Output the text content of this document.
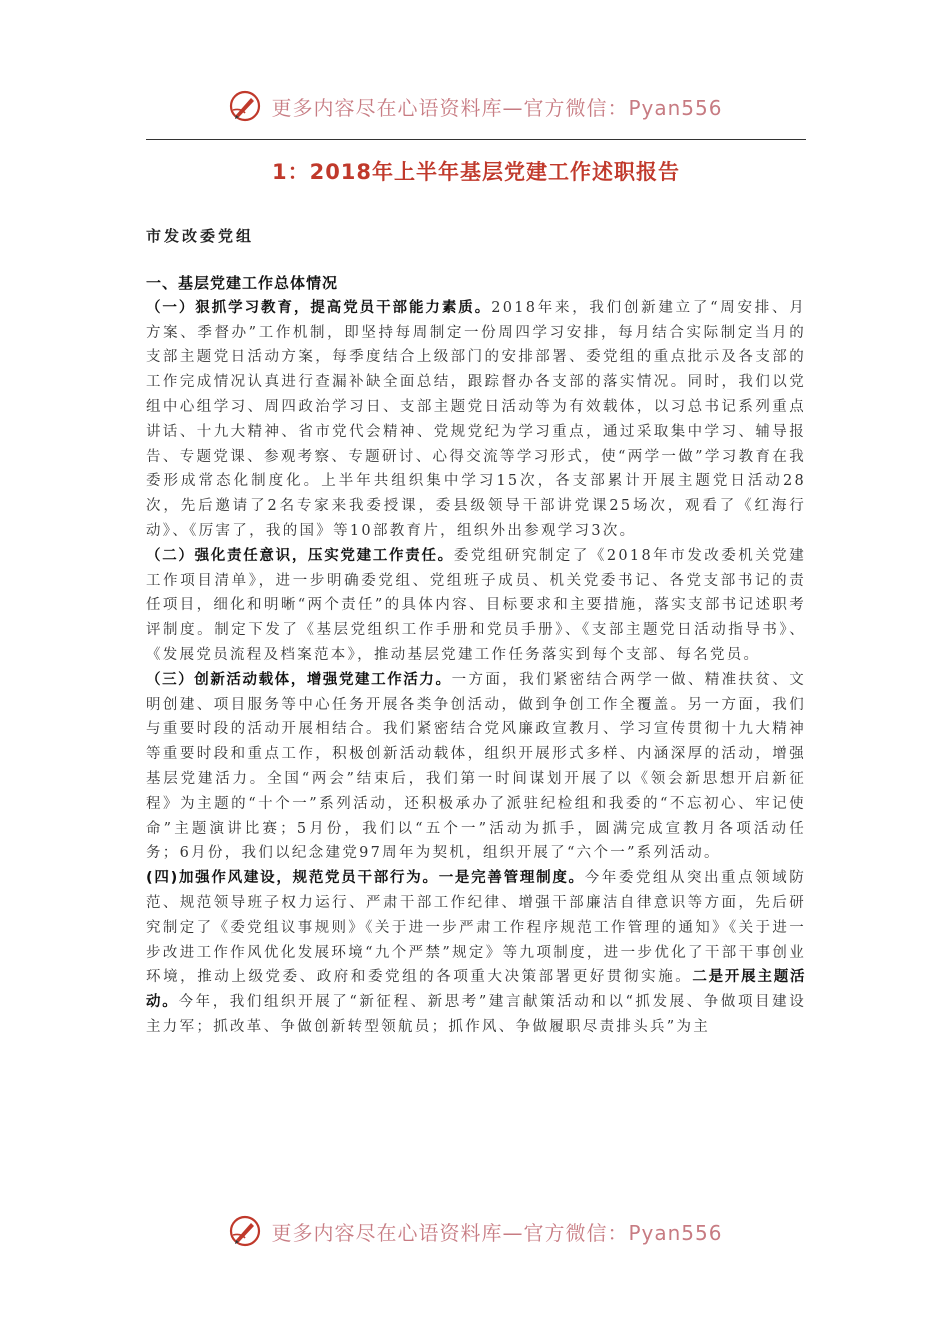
更多内容尽在心语资料库—官方微信：Pyan556
1：2018年上半年基层党建工作述职报告
市发改委党组

一、基层党建工作总体情况

（一）狠抓学习教育，提高党员干部能力素质。2018年来，我们创新建立了“周安排、月方案、季督办”工作机制，即坚持每周制定一份周四学习安排，每月结合实际制定当月的支部主题党日活动方案，每季度结合上级部门的安排部署、委党组的重点批示及各支部的工作完成情况认真进行查漏补缺全面总结，跟踪督办各支部的落实情况。同时，我们以党组中心组学习、周四政治学习日、支部主题党日活动等为有效载体，以习总书记系列重点讲话、十九大精神、省市党代会精神、党规党纪为学习重点，通过采取集中学习、辅导报告、专题党课、参观考察、专题研讨、心得交流等学习形式，使“两学一做”学习教育在我委形成常态化制度化。上半年共组织集中学习15次，各支部累计开展主题党日活动28次，先后邀请了2名专家来我委授课，委县级领导干部讲党课25场次，观看了《红海行动》、《厉害了，我的国》等10部教育片，组织外出参观学习3次。

（二）强化责任意识，压实党建工作责任。委党组研究制定了《2018年市发改委机关党建工作项目清单》，进一步明确委党组、党组班子成员、机关党委书记、各党支部书记的责任项目，细化和明晰“两个责任”的具体内容、目标要求和主要措施，落实支部书记述职考评制度。制定下发了《基层党组织工作手册和党员手册》、《支部主题党日活动指导书》、《发展党员流程及档案范本》，推动基层党建工作任务落实到每个支部、每名党员。

（三）创新活动载体，增强党建工作活力。一方面，我们紧密结合两学一做、精准扶贫、文明创建、项目服务等中心任务开展各类争创活动，做到争创工作全覆盖。另一方面，我们与重要时段的活动开展相结合。我们紧密结合党风廉政宣教月、学习宣传贯彻十九大精神等重要时段和重点工作，积极创新活动载体，组织开展形式多样、内涵深厚的活动，增强基层党建活力。全国“两会”结束后，我们第一时间谋划开展了以《领会新思想开启新征程》为主题的“十个一”系列活动，还积极承办了派驻纪检组和我委的“不忘初心、牢记使命”主题演讲比赛；5月份，我们以“五个一”活动为抓手，圆满完成宣教月各项活动任务；6月份，我们以纪念建党97周年为契机，组织开展了“六个一”系列活动。

(四)加强作风建设，规范党员干部行为。一是完善管理制度。今年委党组从突出重点领域防范、规范领导班子权力运行、严肃干部工作纪律、增强干部廉洁自律意识等方面，先后研究制定了《委党组议事规则》《关于进一步严肃工作程序规范工作管理的通知》《关于进一步改进工作作风优化发展环境“九个严禁”规定》等九项制度，进一步优化了干部干事创业环境，推动上级党委、政府和委党组的各项重大决策部署更好贯彻实施。二是开展主题活动。今年，我们组织开展了“新征程、新思考”建言献策活动和以“抓发展、争做项目建设主力军；抓改革、争做创新转型领航员；抓作风、争做履职尽责排头兵”为主

更多内容尽在心语资料库—官方微信：Pyan556
